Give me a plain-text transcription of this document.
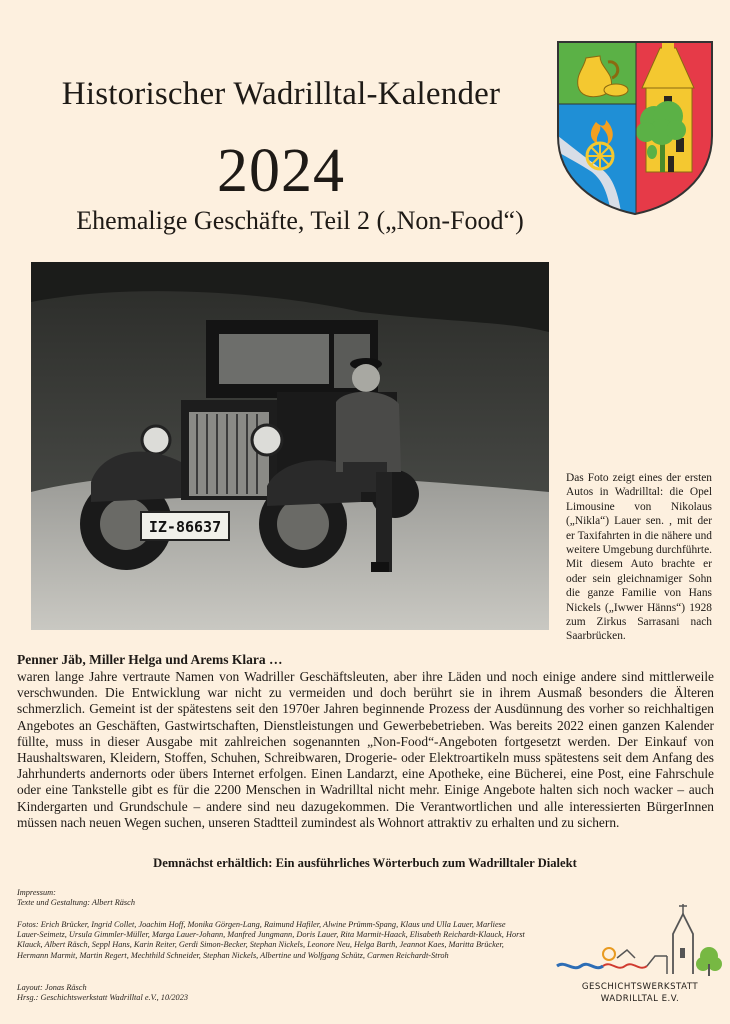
Historischer Wadrilltal-Kalender
2024
Ehemalige Geschäfte, Teil 2 („Non-Food“)
IZ-86637
Das Foto zeigt eines der ersten Autos in Wadrilltal: die Opel Limousine von Nikolaus („Nikla“) Lauer sen. , mit der er Taxifahrten in die nähere und weitere Umgebung durchführte. Mit diesem Auto brachte er oder sein gleichnamiger Sohn die ganze Familie von Hans Nickels („Iwwer Hänns“) 1928 zum Zirkus Sarrasani nach Saarbrücken.
Penner Jäb, Miller Helga und Arems Klara …
waren lange Jahre vertraute Namen von Wadriller Geschäftsleuten, aber ihre Läden und noch einige andere sind mittlerweile verschwunden. Die Entwicklung war nicht zu vermeiden und doch berührt sie in ihrem Ausmaß besonders die Älteren schmerzlich. Gemeint ist der spätestens seit den 1970er Jahren beginnende Prozess der Ausdünnung des vorher so reichhaltigen Angebotes an Geschäften, Gastwirtschaften, Dienstleistungen und Gewerbebetrieben. Was bereits 2022 einen ganzen Kalender füllte, muss in dieser Ausgabe mit zahlreichen sogenannten „Non-Food“-Angeboten fortgesetzt werden. Der Einkauf von Haushaltswaren, Kleidern, Stoffen, Schuhen, Schreibwaren, Drogerie- oder Elektroartikeln muss spätestens seit dem Anfang des Jahrhunderts andernorts oder übers Internet erfolgen. Einen Landarzt, eine Apotheke, eine Bücherei, eine Post, eine Fahrschule oder eine Tankstelle gibt es für die 2200 Menschen in Wadrilltal nicht mehr. Einige Angebote halten sich noch wacker – auch Kindergarten und Grundschule – andere sind neu dazugekommen. Die Verantwortlichen und alle interessierten BürgerInnen müssen nach neuen Wegen suchen, unseren Stadtteil zumindest als Wohnort attraktiv zu erhalten und zu sichern.
Demnächst erhältlich: Ein ausführliches Wörterbuch zum Wadrilltaler Dialekt
Impressum:
Texte und Gestaltung: Albert Räsch
Fotos: Erich Brücker, Ingrid Collet, Joachim Hoff, Monika Görgen-Lang, Raimund Hafiler, Alwine Prümm-Spang, Klaus und Ulla Lauer, Marliese Lauer-Seimetz, Ursula Gimmler-Müller, Marga Lauer-Johann, Manfred Jungmann, Doris Lauer, Rita Marmit-Haack, Elisabeth Reichardt-Klauck, Horst Klauck, Albert Räsch, Seppl Hans, Karin Reiter, Gerdi Simon-Becker, Stephan Nickels, Leonore Neu, Helga Barth, Jeannot Kaes, Maritta Brücker, Hermann Marmit, Martin Regert, Mechthild Schneider, Stephan Nickels, Albertine und Wolfgang Schütz, Carmen Reichardt-Stroh
Layout: Jonas Räsch
Hrsg.: Geschichtswerkstatt Wadrilltal e.V., 10/2023
GESCHICHTSWERKSTATT
WADRILLTAL E.V.
